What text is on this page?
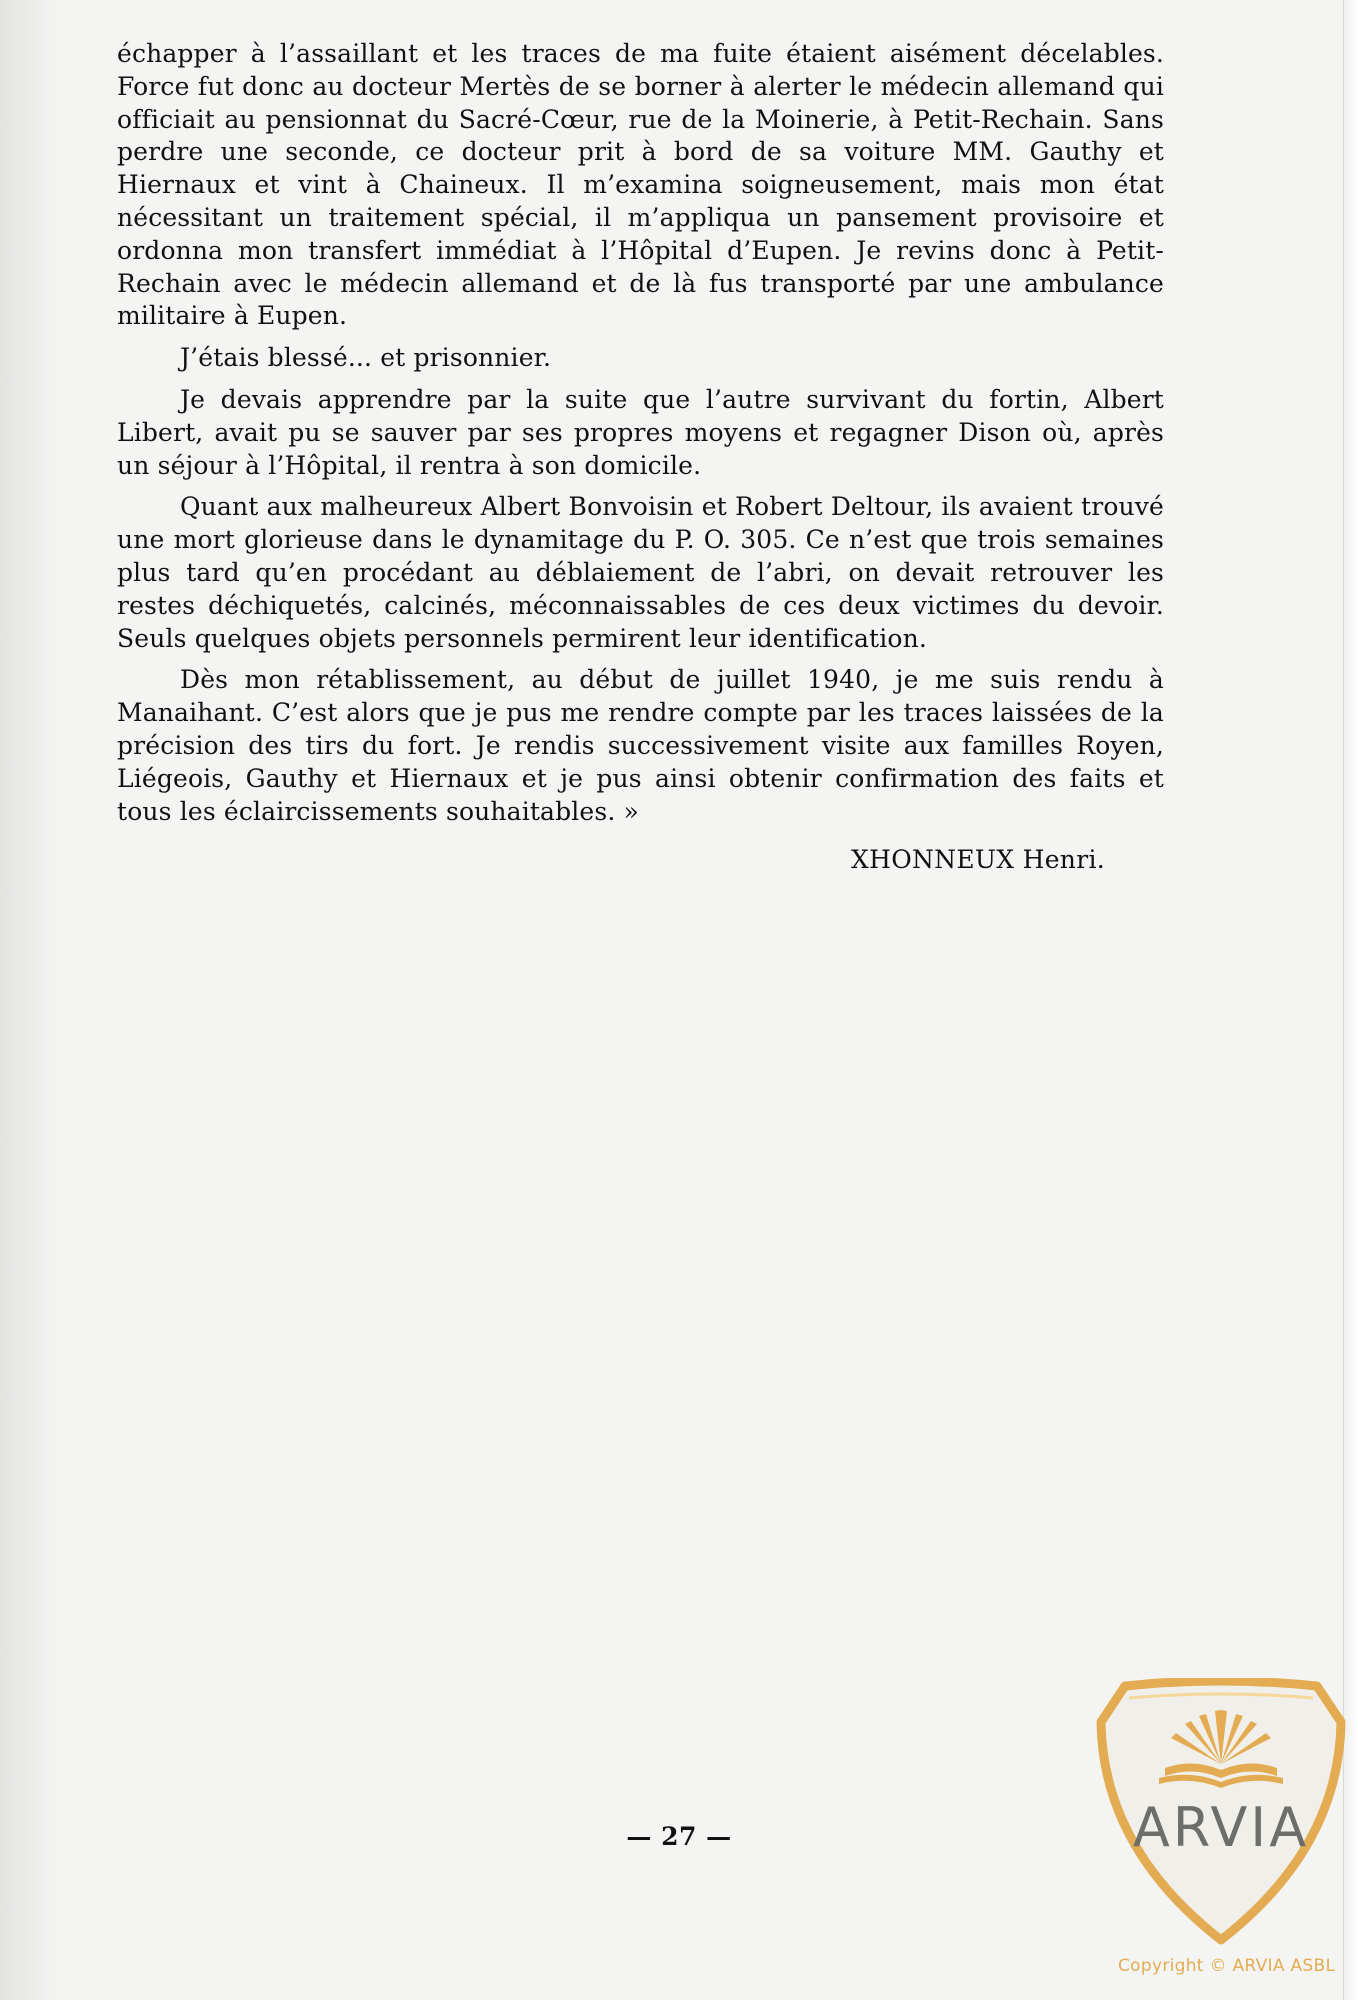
échapper à l’assaillant et les traces de ma fuite étaient aisément décelables. Force fut donc au docteur Mertès de se borner à alerter le médecin allemand qui officiait au pensionnat du Sacré-Cœur, rue de la Moinerie, à Petit-Rechain. Sans perdre une seconde, ce docteur prit à bord de sa voiture MM. Gauthy et Hiernaux et vint à Chaineux. Il m’examina soigneusement, mais mon état nécessitant un traitement spécial, il m’appliqua un pansement provisoire et ordonna mon transfert immédiat à l’Hôpital d’Eupen. Je revins donc à Petit-Rechain avec le médecin allemand et de là fus transporté par une ambulance militaire à Eupen.

J’étais blessé... et prisonnier.

Je devais apprendre par la suite que l’autre survivant du fortin, Albert Libert, avait pu se sauver par ses propres moyens et regagner Dison où, après un séjour à l’Hôpital, il rentra à son domicile.

Quant aux malheureux Albert Bonvoisin et Robert Deltour, ils avaient trouvé une mort glorieuse dans le dynamitage du P. O. 305. Ce n’est que trois semaines plus tard qu’en procédant au déblaiement de l’abri, on devait retrouver les restes déchiquetés, calcinés, méconnaissables de ces deux victimes du devoir. Seuls quelques objets personnels permirent leur identification.

Dès mon rétablissement, au début de juillet 1940, je me suis rendu à Manaihant. C’est alors que je pus me rendre compte par les traces laissées de la précision des tirs du fort. Je rendis successivement visite aux familles Royen, Liégeois, Gauthy et Hiernaux et je pus ainsi obtenir confirmation des faits et tous les éclaircissements souhaitables. »

XHONNEUX Henri.
— 27 —	ARVIA
Copyright © ARVIA ASBL
